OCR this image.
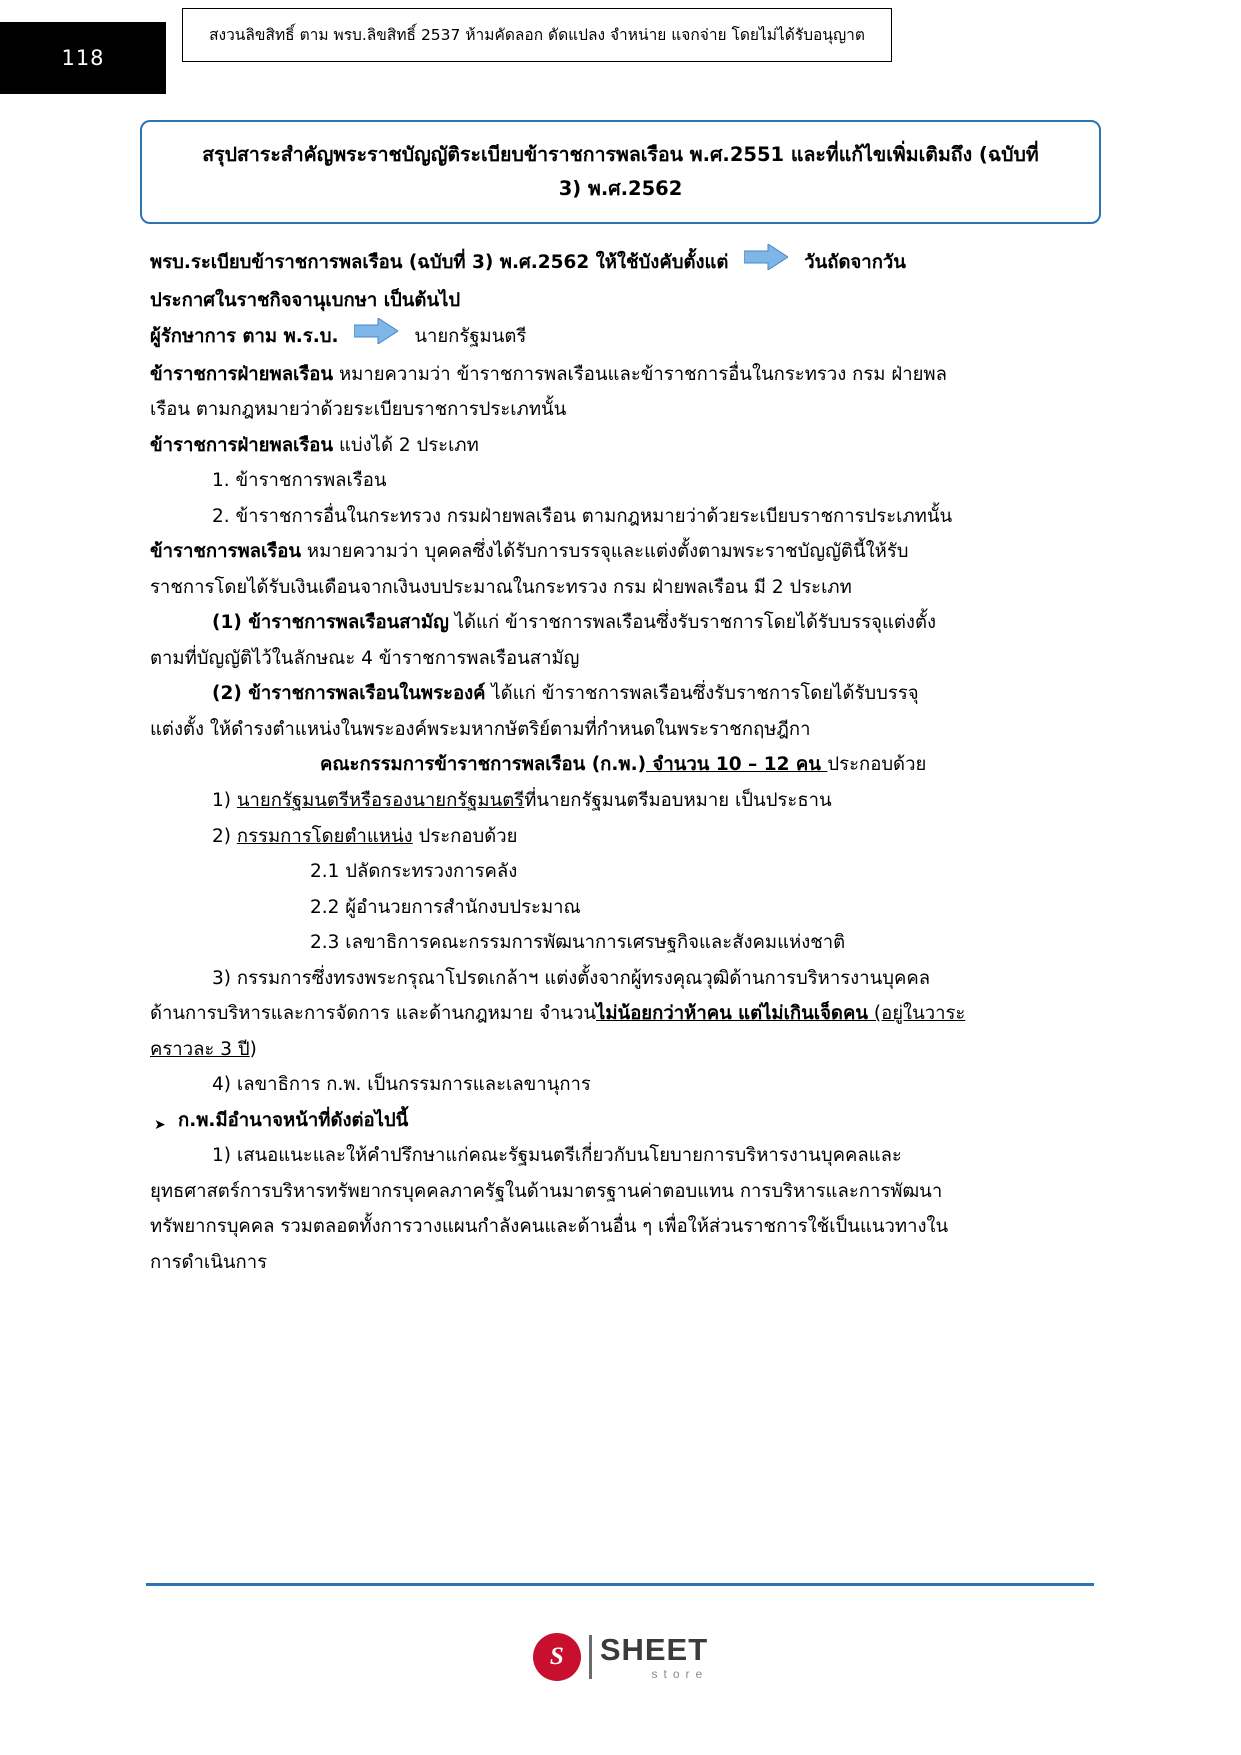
118
สงวนลิขสิทธิ์ ตาม พรบ.ลิขสิทธิ์ 2537 ห้ามคัดลอก ดัดแปลง จำหน่าย แจกจ่าย โดยไม่ได้รับอนุญาต
สรุปสาระสำคัญพระราชบัญญัติระเบียบข้าราชการพลเรือน พ.ศ.2551 และที่แก้ไขเพิ่มเติมถึง (ฉบับที่
3) พ.ศ.2562
พรบ.ระเบียบข้าราชการพลเรือน (ฉบับที่ 3) พ.ศ.2562 ให้ใช้บังคับตั้งแต่	วันถัดจากวัน
ประกาศในราชกิจจานุเบกษา เป็นต้นไป
ผู้รักษาการ ตาม พ.ร.บ.	นายกรัฐมนตรี
ข้าราชการฝ่ายพลเรือน หมายความว่า ข้าราชการพลเรือนและข้าราชการอื่นในกระทรวง กรม ฝ่ายพล
เรือน ตามกฎหมายว่าด้วยระเบียบราชการประเภทนั้น
ข้าราชการฝ่ายพลเรือน แบ่งได้ 2 ประเภท
1. ข้าราชการพลเรือน
2. ข้าราชการอื่นในกระทรวง กรมฝ่ายพลเรือน ตามกฎหมายว่าด้วยระเบียบราชการประเภทนั้น
ข้าราชการพลเรือน หมายความว่า บุคคลซึ่งได้รับการบรรจุและแต่งตั้งตามพระราชบัญญัตินี้ให้รับ
ราชการโดยได้รับเงินเดือนจากเงินงบประมาณในกระทรวง กรม ฝ่ายพลเรือน มี 2 ประเภท
(1) ข้าราชการพลเรือนสามัญ ได้แก่ ข้าราชการพลเรือนซึ่งรับราชการโดยได้รับบรรจุแต่งตั้ง
ตามที่บัญญัติไว้ในลักษณะ 4 ข้าราชการพลเรือนสามัญ
(2) ข้าราชการพลเรือนในพระองค์ ได้แก่ ข้าราชการพลเรือนซึ่งรับราชการโดยได้รับบรรจุ
แต่งตั้ง ให้ดำรงตำแหน่งในพระองค์พระมหากษัตริย์ตามที่กำหนดในพระราชกฤษฎีกา
คณะกรรมการข้าราชการพลเรือน (ก.พ.) จำนวน 10 – 12 คน ประกอบด้วย
1) นายกรัฐมนตรีหรือรองนายกรัฐมนตรีที่นายกรัฐมนตรีมอบหมาย เป็นประธาน
2) กรรมการโดยตำแหน่ง ประกอบด้วย
2.1 ปลัดกระทรวงการคลัง
2.2 ผู้อำนวยการสำนักงบประมาณ
2.3 เลขาธิการคณะกรรมการพัฒนาการเศรษฐกิจและสังคมแห่งชาติ
3) กรรมการซึ่งทรงพระกรุณาโปรดเกล้าฯ แต่งตั้งจากผู้ทรงคุณวุฒิด้านการบริหารงานบุคคล
ด้านการบริหารและการจัดการ และด้านกฎหมาย จำนวนไม่น้อยกว่าห้าคน แต่ไม่เกินเจ็ดคน (อยู่ในวาระ
คราวละ 3 ปี)
4) เลขาธิการ ก.พ. เป็นกรรมการและเลขานุการ
➤ ก.พ.มีอำนาจหน้าที่ดังต่อไปนี้
1) เสนอแนะและให้คำปรึกษาแก่คณะรัฐมนตรีเกี่ยวกับนโยบายการบริหารงานบุคคลและ
ยุทธศาสตร์การบริหารทรัพยากรบุคคลภาครัฐในด้านมาตรฐานค่าตอบแทน การบริหารและการพัฒนา
ทรัพยากรบุคคล รวมตลอดทั้งการวางแผนกำลังคนและด้านอื่น ๆ เพื่อให้ส่วนราชการใช้เป็นแนวทางใน
การดำเนินการ
S	SHEET
store
